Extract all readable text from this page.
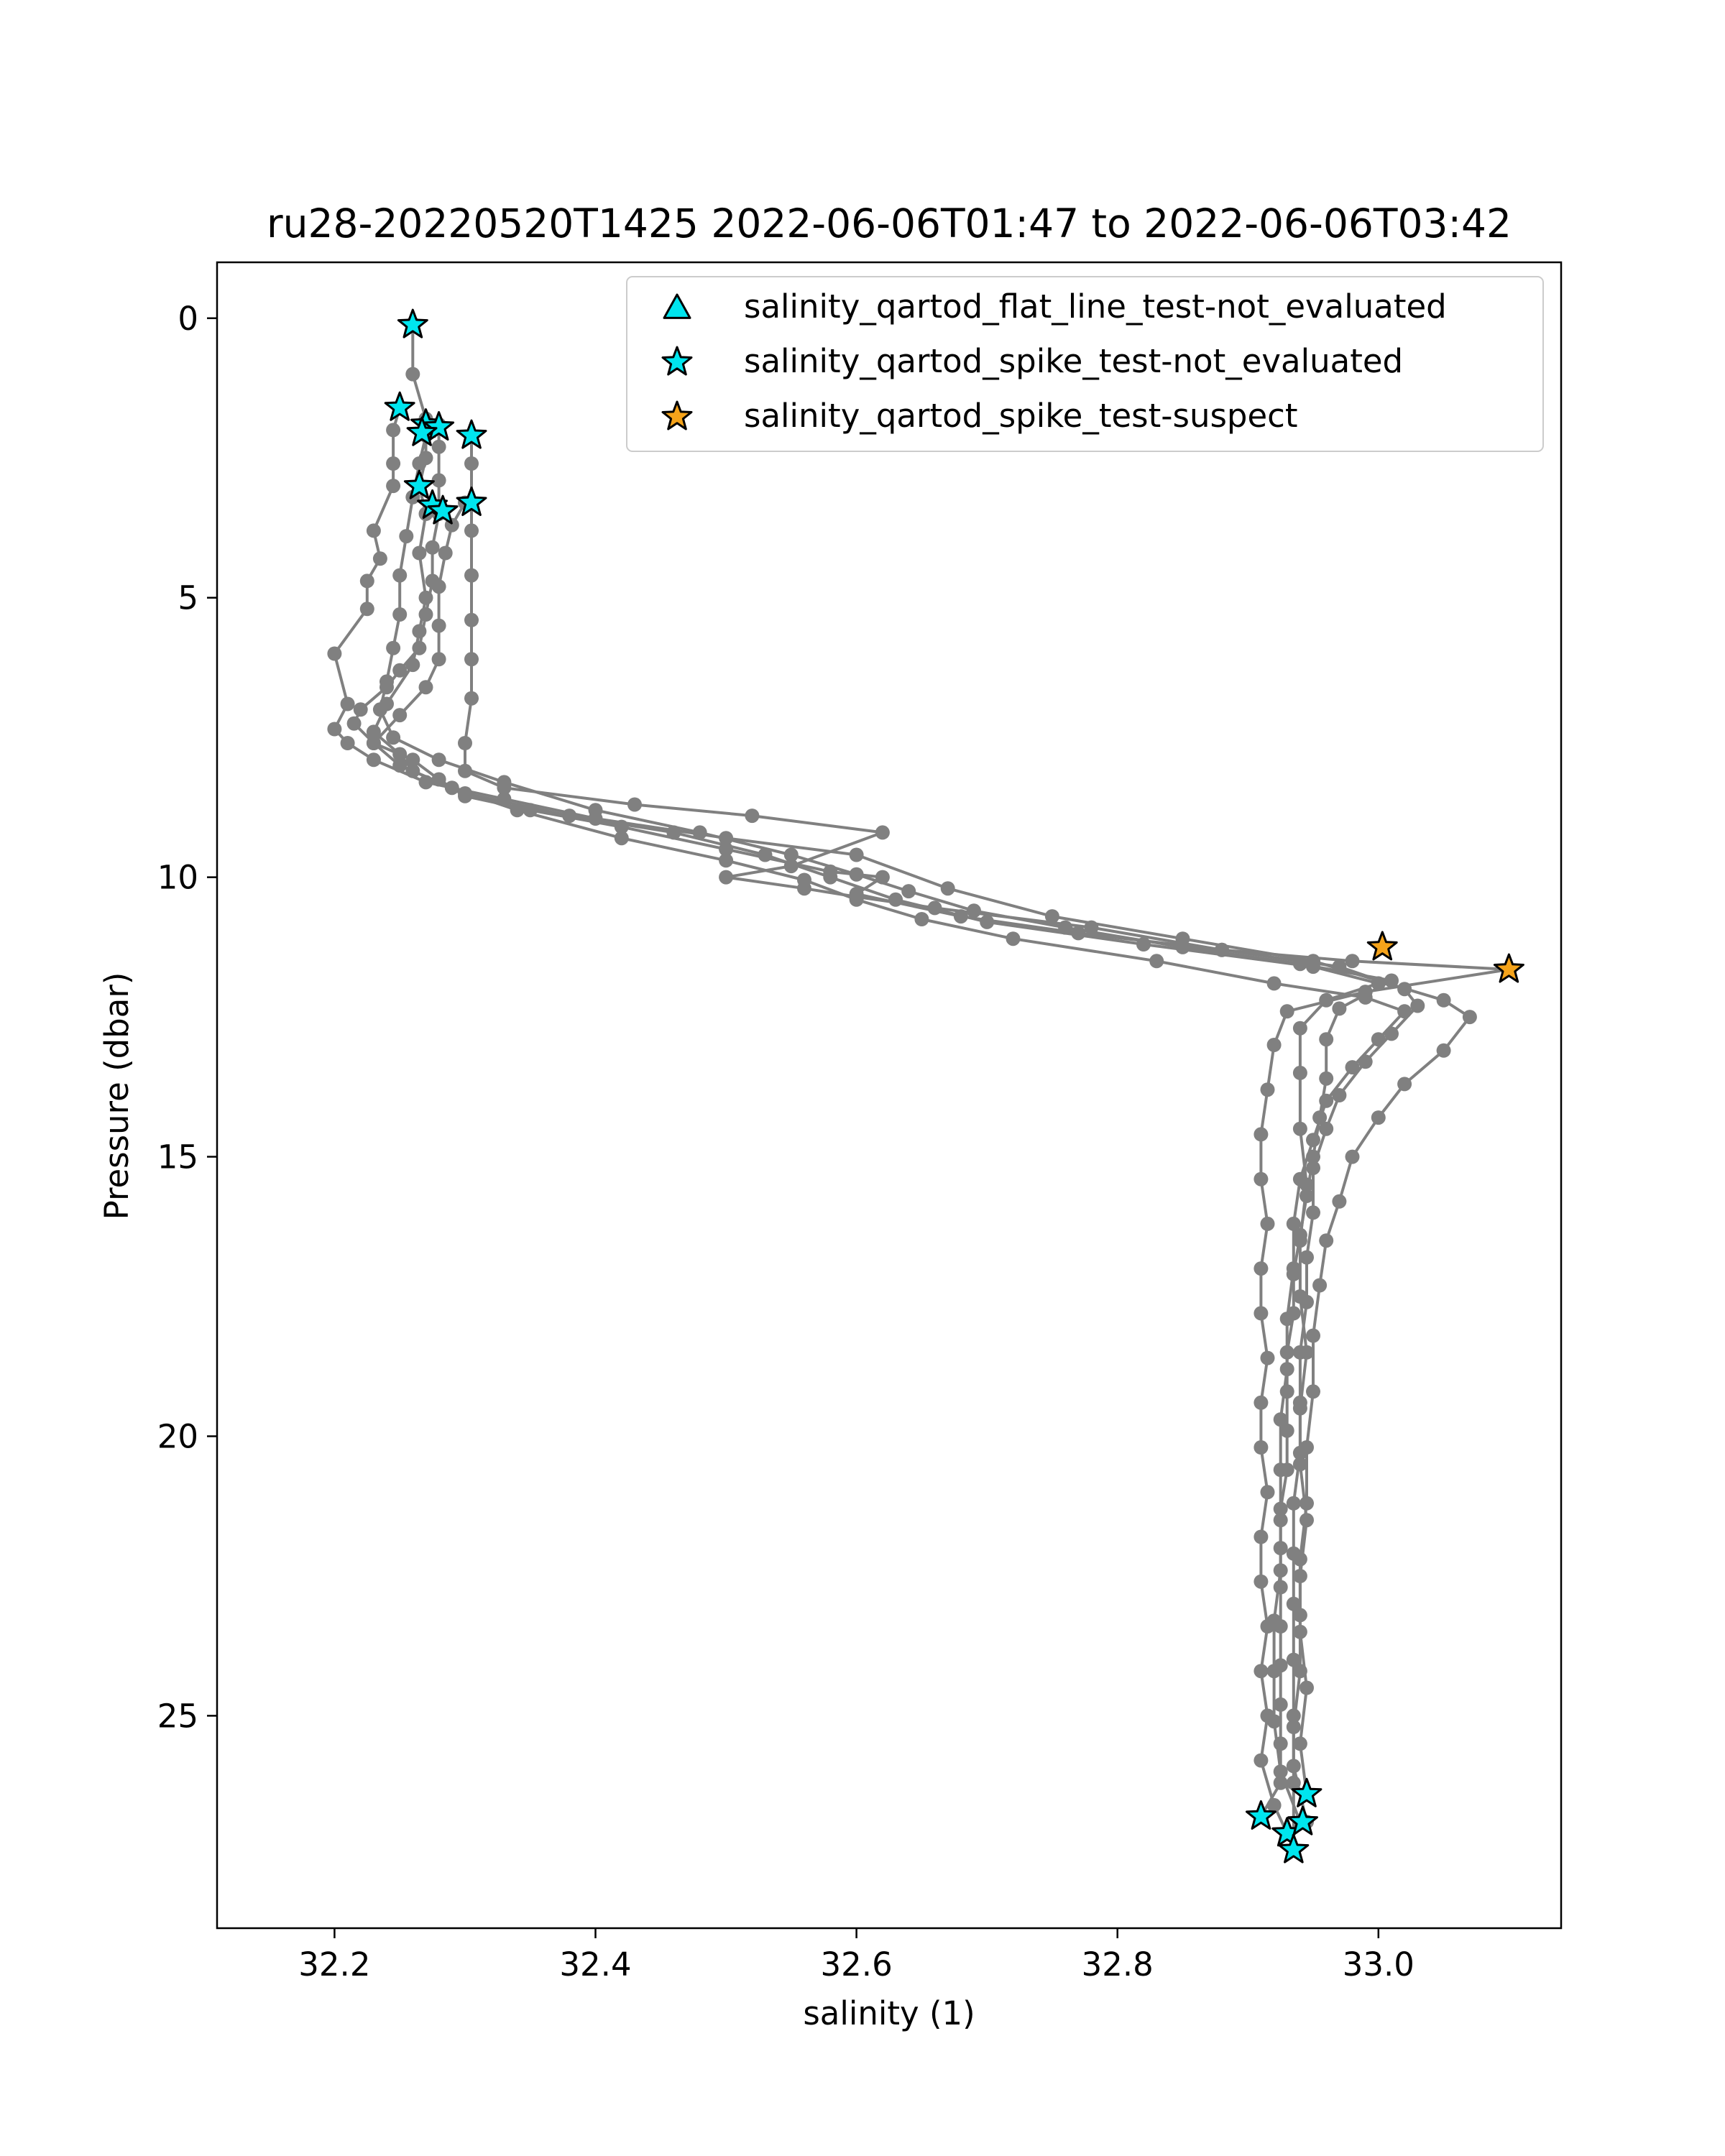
32.2	32.4	32.6	32.8	33.0
0
5
10
15
20
25
ru28-20220520T1425 2022-06-06T01:47 to 2022-06-06T03:42
salinity (1)
Pressure (dbar)
salinity_qartod_flat_line_test-not_evaluated
salinity_qartod_spike_test-not_evaluated
salinity_qartod_spike_test-suspect
